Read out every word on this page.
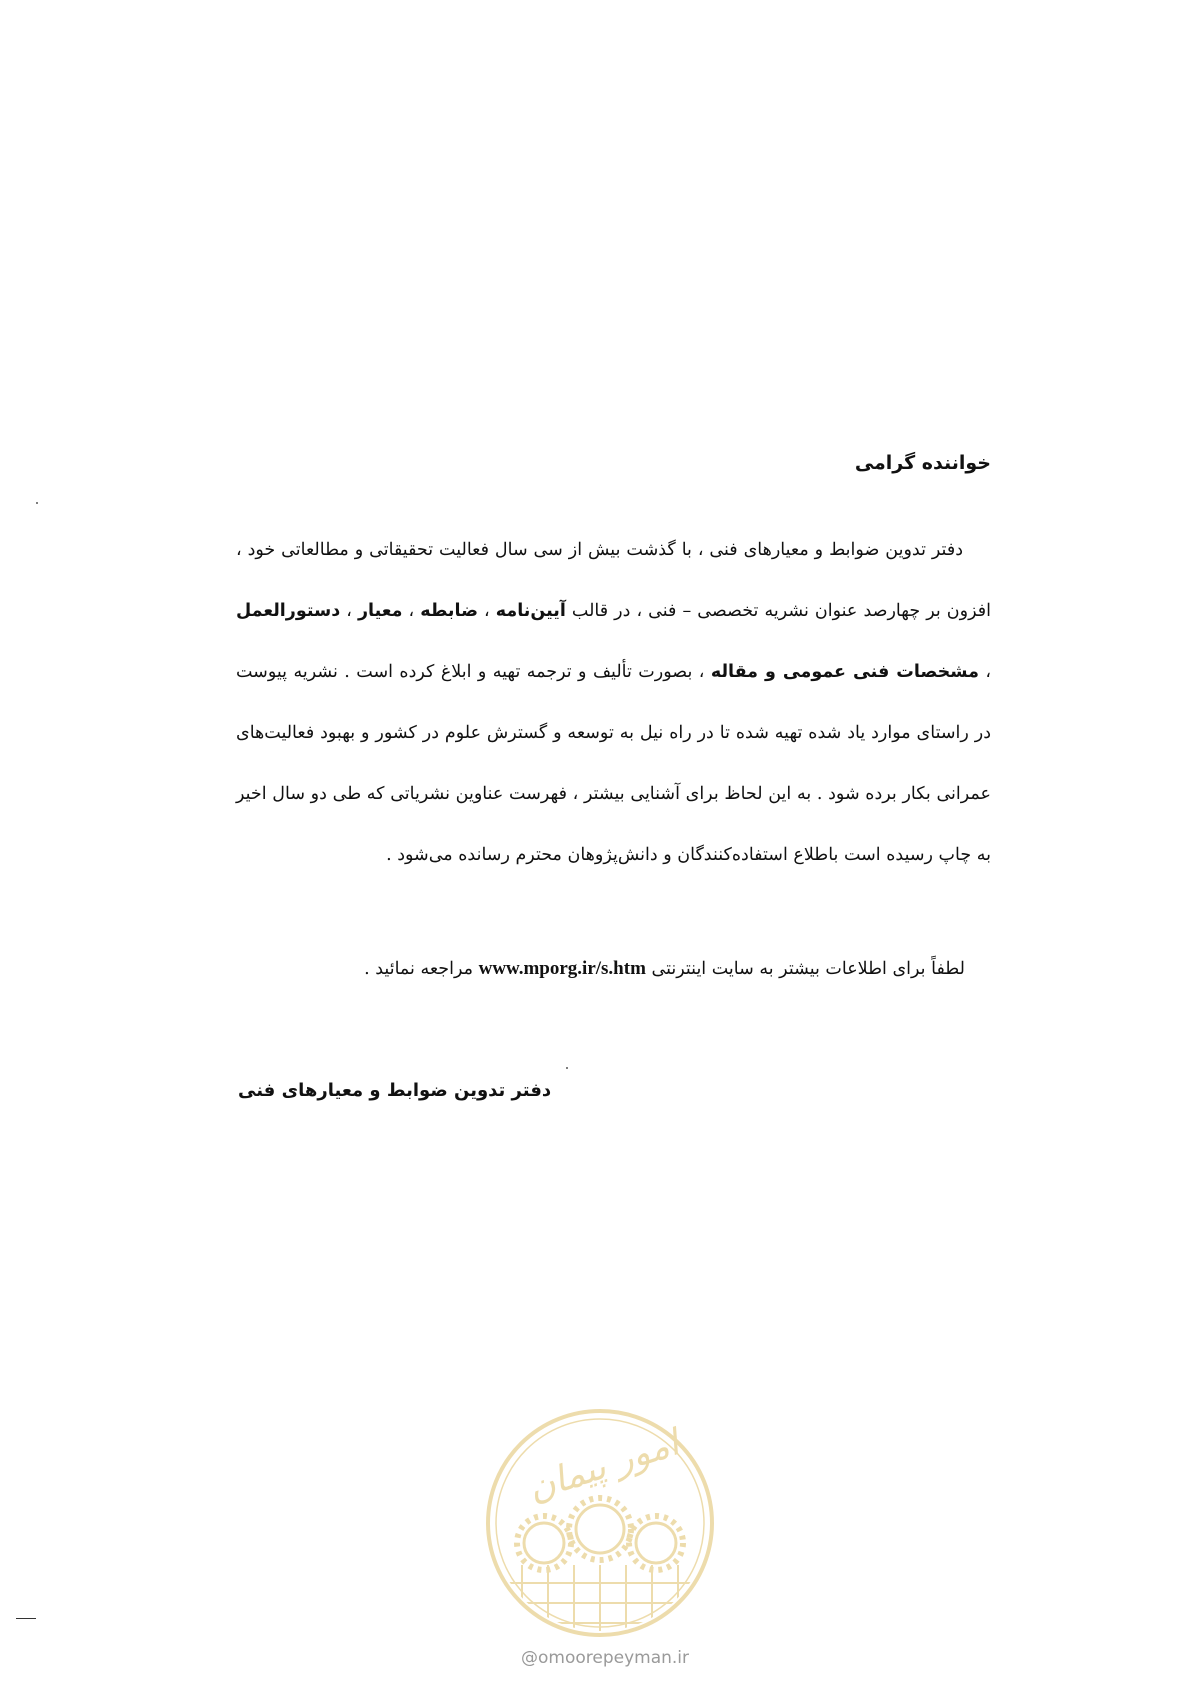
خواننده گرامی

دفتر تدوین ضوابط و معیارهای فنی ، با گذشت بیش از سی سال فعالیت تحقیقاتی و مطالعاتی خود ، افزون بر چهارصد عنوان نشریه تخصصی – فنی ، در قالب آیین‌نامه ، ضابطه ، معیار ، دستورالعمل ، مشخصات فنی عمومی و مقاله ، بصورت تألیف و ترجمه تهیه و ابلاغ کرده است . نشریه پیوست در راستای موارد یاد شده تهیه شده تا در راه نیل به توسعه و گسترش علوم در کشور و بهبود فعالیت‌های عمرانی بکار برده شود . به این لحاظ برای آشنایی بیشتر ، فهرست عناوین نشریاتی که طی دو سال اخیر به چاپ رسیده است باطلاع استفاده‌کنندگان و دانش‌پژوهان محترم رسانده می‌شود .

لطفاً برای اطلاعات بیشتر به سایت اینترنتی www.mporg.ir/s.htm مراجعه نمائید .
دفتر تدوین ضوابط و معیارهای فنی
امور پیمان
@omoorepeyman.ir
